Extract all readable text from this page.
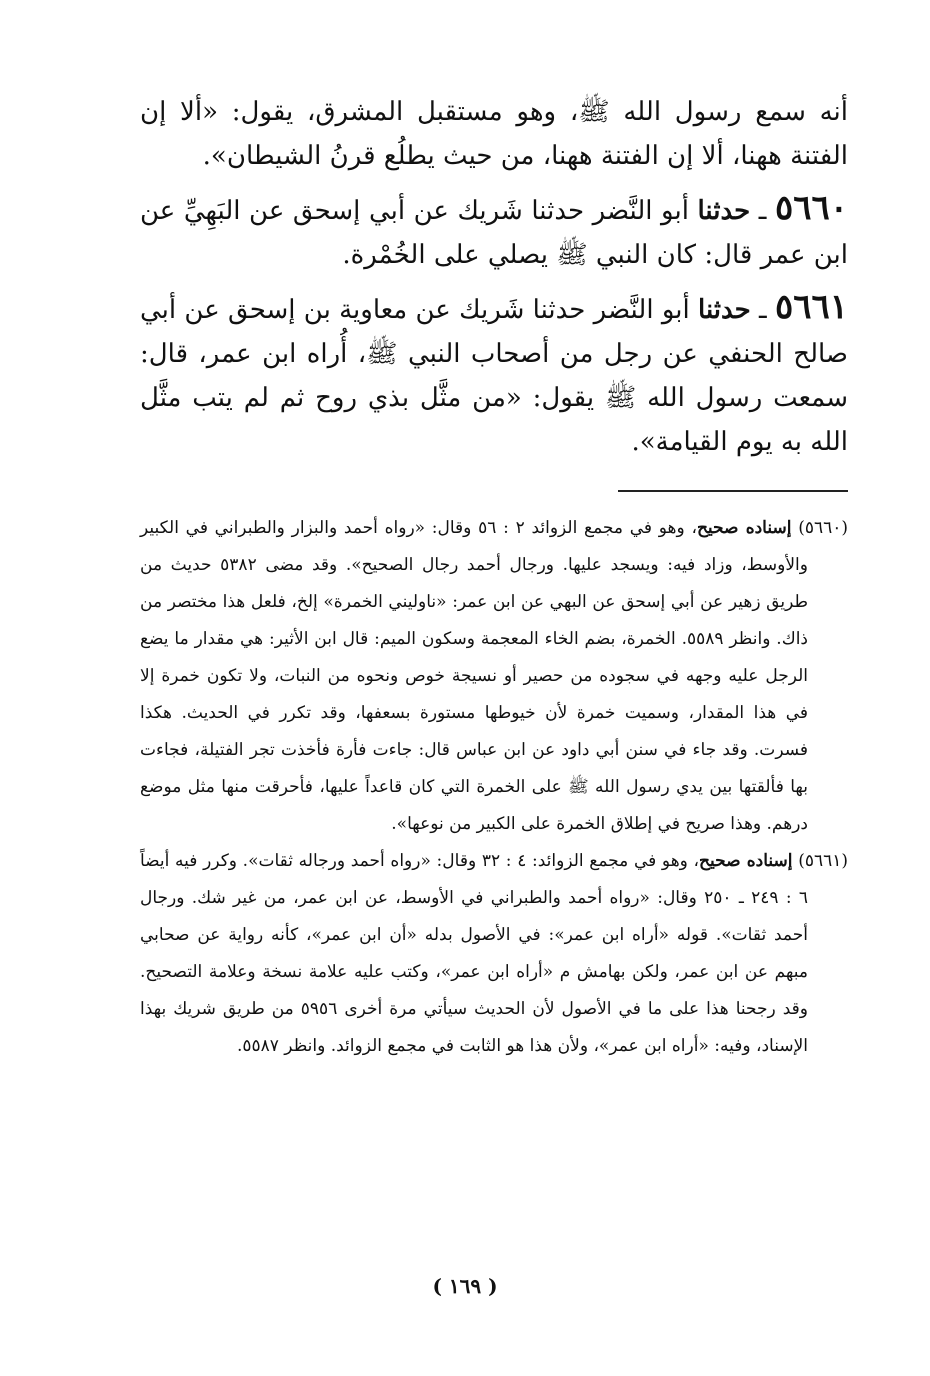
أنه سمع رسول الله ﷺ، وهو مستقبل المشرق، يقول: «ألا إن الفتنة ههنا، ألا إن الفتنة ههنا، من حيث يطلُع قرنُ الشيطان».

٥٦٦٠ ـ حدثنا أبو النَّضر حدثنا شَريك عن أبي إسحق عن البَهِيِّ عن ابن عمر قال: كان النبي ﷺ يصلي على الخُمْرة.

٥٦٦١ ـ حدثنا أبو النَّضر حدثنا شَريك عن معاوية بن إسحق عن أبي صالح الحنفي عن رجل من أصحاب النبي ﷺ، أُراه ابن عمر، قال: سمعت رسول الله ﷺ يقول: «من مثَّل بذي روح ثم لم يتب مثَّل الله به يوم القيامة».

(٥٦٦٠) إسناده صحيح، وهو في مجمع الزوائد ٢ : ٥٦ وقال: «رواه أحمد والبزار والطبراني في الكبير والأوسط، وزاد فيه: ويسجد عليها. ورجال أحمد رجال الصحيح». وقد مضى ٥٣٨٢ حديث من طريق زهير عن أبي إسحق عن البهي عن ابن عمر: «ناوليني الخمرة» إلخ، فلعل هذا مختصر من ذاك. وانظر ٥٥٨٩. الخمرة، بضم الخاء المعجمة وسكون الميم: قال ابن الأثير: هي مقدار ما يضع الرجل عليه وجهه في سجوده من حصير أو نسيجة خوص ونحوه من النبات، ولا تكون خمرة إلا في هذا المقدار، وسميت خمرة لأن خيوطها مستورة بسعفها، وقد تكرر في الحديث. هكذا فسرت. وقد جاء في سنن أبي داود عن ابن عباس قال: جاءت فأرة فأخذت تجر الفتيلة، فجاءت بها فألقتها بين يدي رسول الله ﷺ على الخمرة التي كان قاعداً عليها، فأحرقت منها مثل موضع درهم. وهذا صريح في إطلاق الخمرة على الكبير من نوعها».

(٥٦٦١) إسناده صحيح، وهو في مجمع الزوائد: ٤ : ٣٢ وقال: «رواه أحمد ورجاله ثقات». وكرر فيه أيضاً ٦ : ٢٤٩ ـ ٢٥٠ وقال: «رواه أحمد والطبراني في الأوسط، عن ابن عمر، من غير شك. ورجال أحمد ثقات». قوله «أراه ابن عمر»: في الأصول بدله «أن ابن عمر»، كأنه رواية عن صحابي مبهم عن ابن عمر، ولكن بهامش م «أراه ابن عمر»، وكتب عليه علامة نسخة وعلامة التصحيح. وقد رجحنا هذا على ما في الأصول لأن الحديث سيأتي مرة أخرى ٥٩٥٦ من طريق شريك بهذا الإسناد، وفيه: «أراه ابن عمر»، ولأن هذا هو الثابت في مجمع الزوائد. وانظر ٥٥٨٧.

( ١٦٩ )
